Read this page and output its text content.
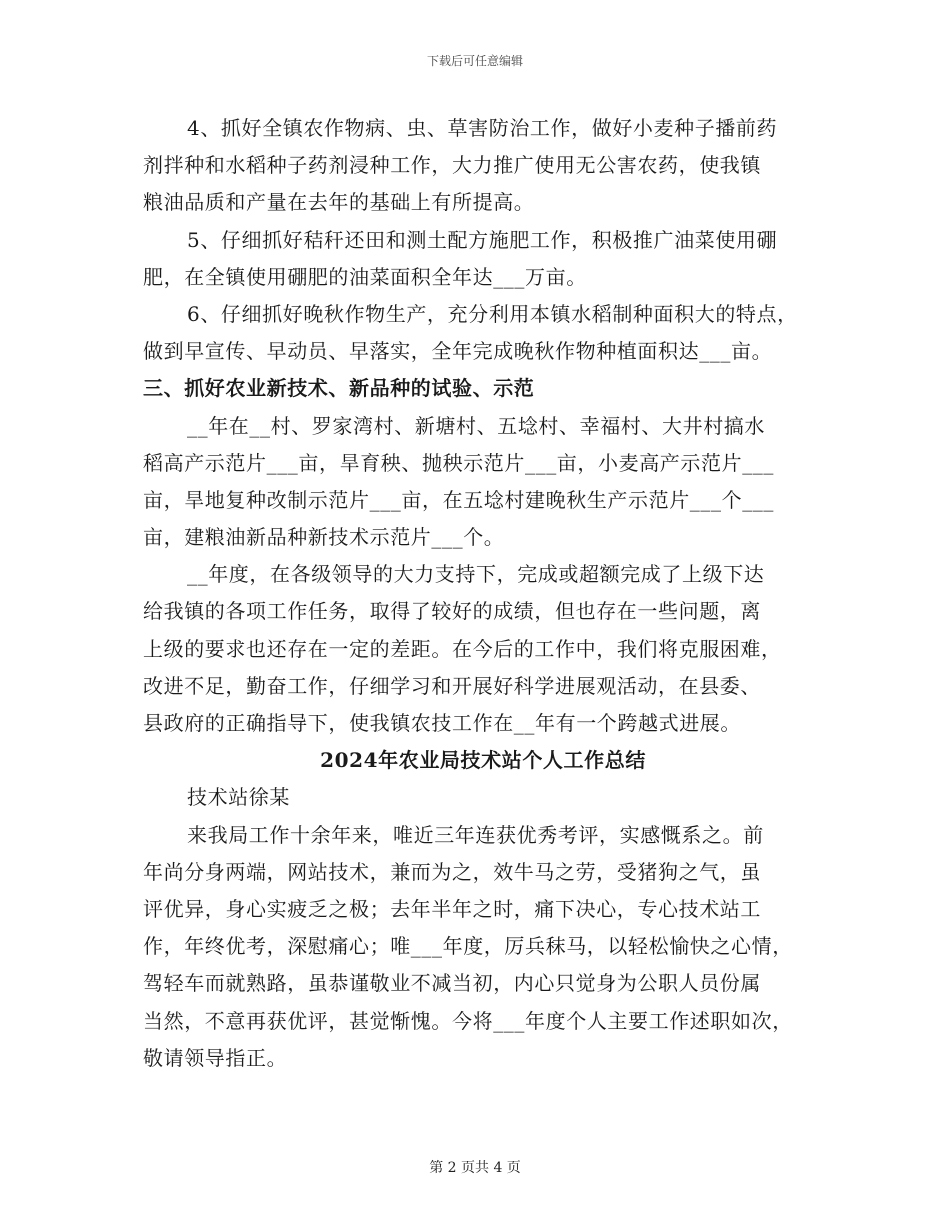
下载后可任意编辑
4、抓好全镇农作物病、虫、草害防治工作，做好小麦种子播前药
剂拌种和水稻种子药剂浸种工作，大力推广使用无公害农药，使我镇
粮油品质和产量在去年的基础上有所提高。
5、仔细抓好秸秆还田和测土配方施肥工作，积极推广油菜使用硼
肥，在全镇使用硼肥的油菜面积全年达___万亩。
6、仔细抓好晚秋作物生产，充分利用本镇水稻制种面积大的特点，
做到早宣传、早动员、早落实，全年完成晚秋作物种植面积达___亩。
三、抓好农业新技术、新品种的试验、示范
__年在__村、罗家湾村、新塘村、五埝村、幸福村、大井村搞水
稻高产示范片___亩，旱育秧、抛秧示范片___亩，小麦高产示范片___
亩，旱地复种改制示范片___亩，在五埝村建晚秋生产示范片___个___
亩，建粮油新品种新技术示范片___个。
__年度，在各级领导的大力支持下，完成或超额完成了上级下达
给我镇的各项工作任务，取得了较好的成绩，但也存在一些问题，离
上级的要求也还存在一定的差距。在今后的工作中，我们将克服困难，
改进不足，勤奋工作，仔细学习和开展好科学进展观活动，在县委、
县政府的正确指导下，使我镇农技工作在__年有一个跨越式进展。
2024年农业局技术站个人工作总结
技术站徐某
来我局工作十余年来，唯近三年连获优秀考评，实感慨系之。前
年尚分身两端，网站技术，兼而为之，效牛马之劳，受猪狗之气，虽
评优异，身心实疲乏之极；去年半年之时，痛下决心，专心技术站工
作，年终优考，深慰痛心；唯___年度，厉兵秣马，以轻松愉快之心情，
驾轻车而就熟路，虽恭谨敬业不减当初，内心只觉身为公职人员份属
当然，不意再获优评，甚觉惭愧。今将___年度个人主要工作述职如次，
敬请领导指正。
第 2 页共 4 页
